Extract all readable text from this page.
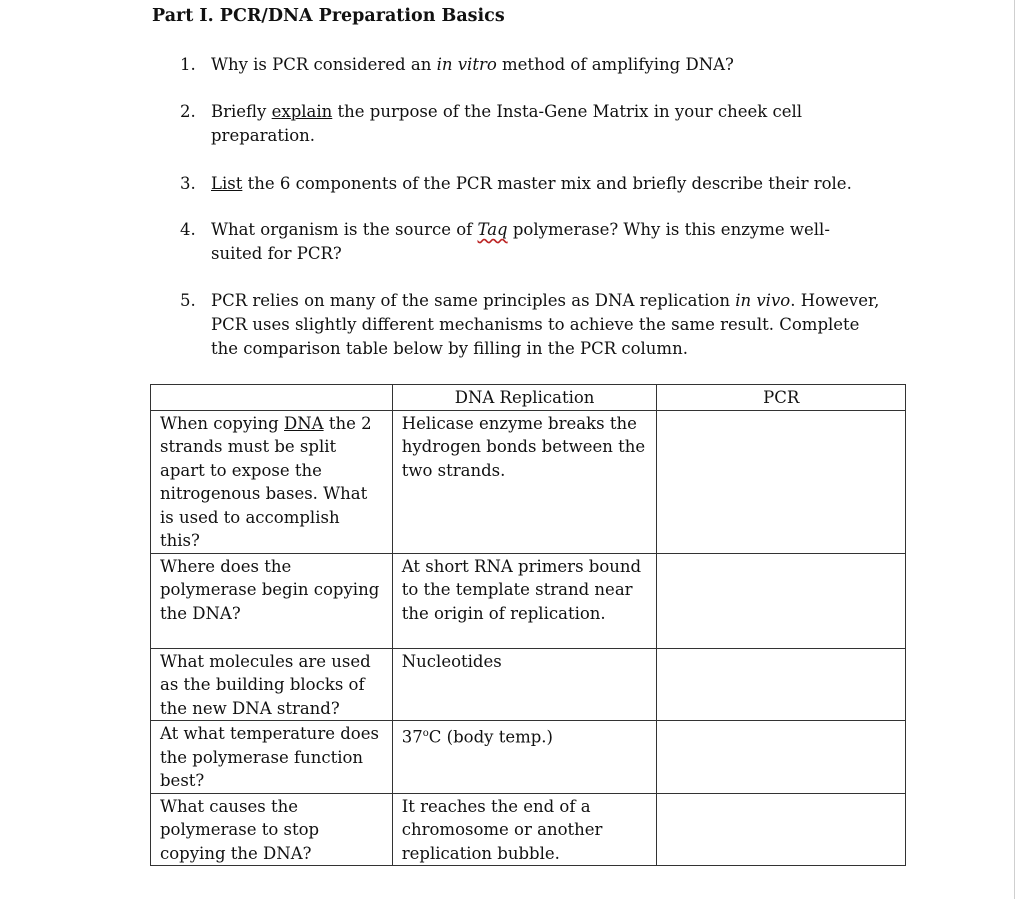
Part I. PCR/DNA Preparation Basics
1. Why is PCR considered an in vitro method of amplifying DNA?
2. Briefly explain the purpose of the Insta-Gene Matrix in your cheek cell preparation.
3. List the 6 components of the PCR master mix and briefly describe their role.
4. What organism is the source of Taq polymerase? Why is this enzyme well-suited for PCR?
5. PCR relies on many of the same principles as DNA replication in vivo. However, PCR uses slightly different mechanisms to achieve the same result. Complete the comparison table below by filling in the PCR column.
	DNA Replication	PCR
When copying DNA the 2 strands must be split apart to expose the nitrogenous bases. What is used to accomplish this?	Helicase enzyme breaks the hydrogen bonds between the two strands.	
Where does the polymerase begin copying the DNA?	At short RNA primers bound to the template strand near the origin of replication.	
What molecules are used as the building blocks of the new DNA strand?	Nucleotides	
At what temperature does the polymerase function best?	37$^o$C (body temp.)	
What causes the polymerase to stop copying the DNA?	It reaches the end of a chromosome or another replication bubble.	
